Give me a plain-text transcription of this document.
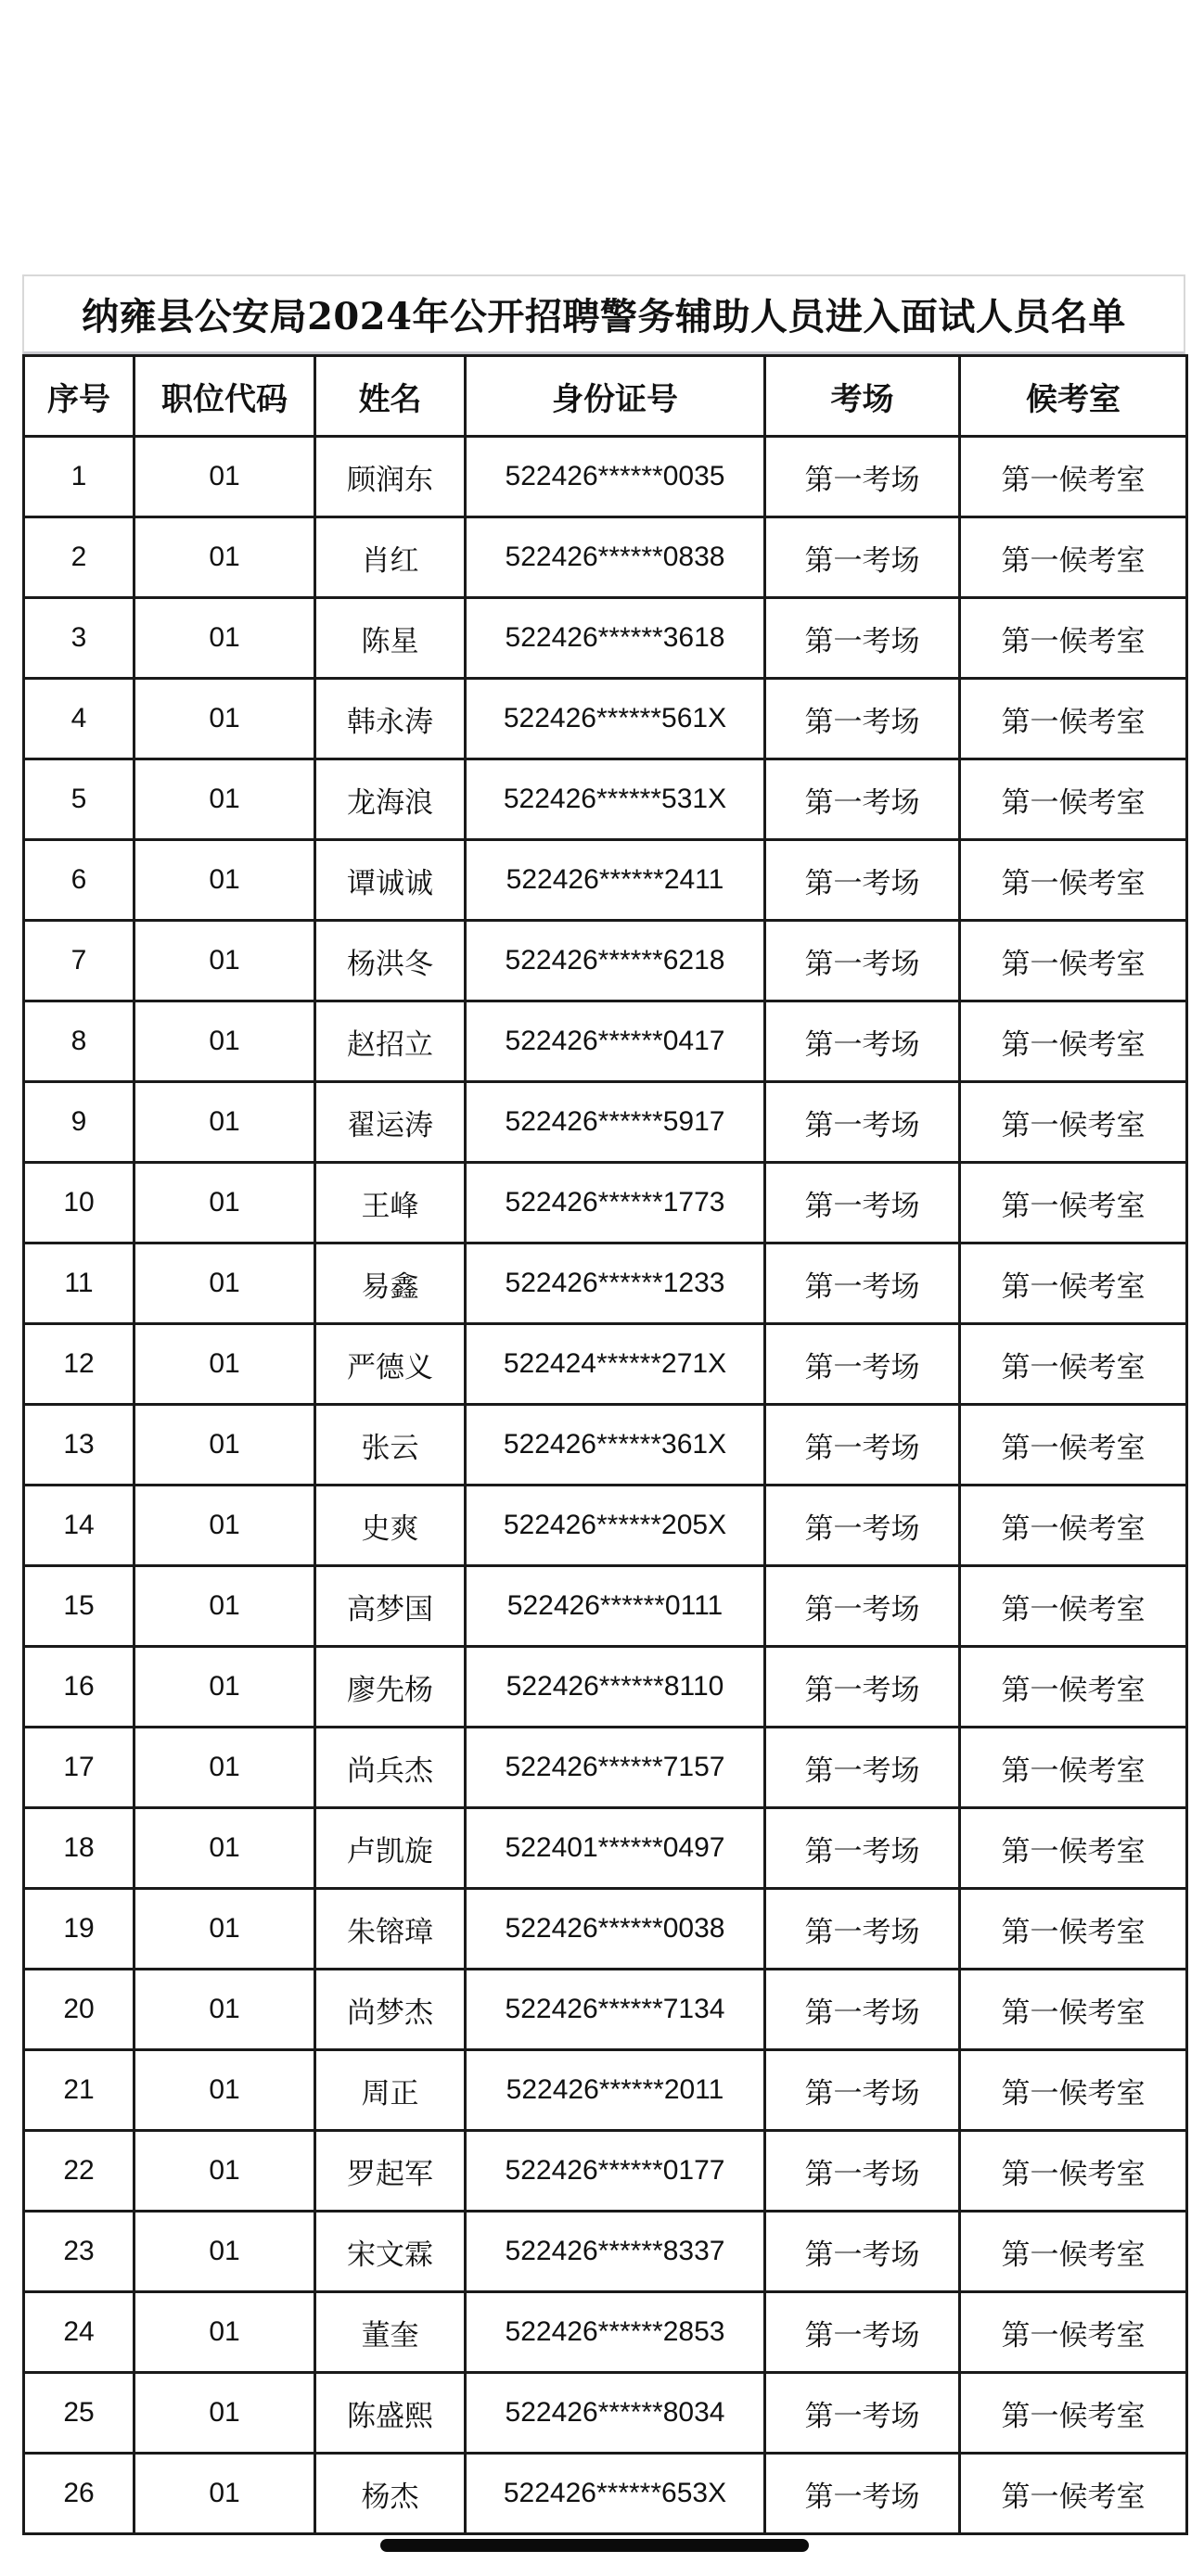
纳雍县公安局2024年公开招聘警务辅助人员进入面试人员名单
序号	职位代码	姓名	身份证号	考场	候考室
1	01	顾润东	522426******0035	第一考场	第一候考室
2	01	肖红	522426******0838	第一考场	第一候考室
3	01	陈星	522426******3618	第一考场	第一候考室
4	01	韩永涛	522426******561X	第一考场	第一候考室
5	01	龙海浪	522426******531X	第一考场	第一候考室
6	01	谭诚诚	522426******2411	第一考场	第一候考室
7	01	杨洪冬	522426******6218	第一考场	第一候考室
8	01	赵招立	522426******0417	第一考场	第一候考室
9	01	翟运涛	522426******5917	第一考场	第一候考室
10	01	王峰	522426******1773	第一考场	第一候考室
11	01	易鑫	522426******1233	第一考场	第一候考室
12	01	严德义	522424******271X	第一考场	第一候考室
13	01	张云	522426******361X	第一考场	第一候考室
14	01	史爽	522426******205X	第一考场	第一候考室
15	01	高梦国	522426******0111	第一考场	第一候考室
16	01	廖先杨	522426******8110	第一考场	第一候考室
17	01	尚兵杰	522426******7157	第一考场	第一候考室
18	01	卢凯旋	522401******0497	第一考场	第一候考室
19	01	朱镕璋	522426******0038	第一考场	第一候考室
20	01	尚梦杰	522426******7134	第一考场	第一候考室
21	01	周正	522426******2011	第一考场	第一候考室
22	01	罗起军	522426******0177	第一考场	第一候考室
23	01	宋文霖	522426******8337	第一考场	第一候考室
24	01	董奎	522426******2853	第一考场	第一候考室
25	01	陈盛熙	522426******8034	第一考场	第一候考室
26	01	杨杰	522426******653X	第一考场	第一候考室
